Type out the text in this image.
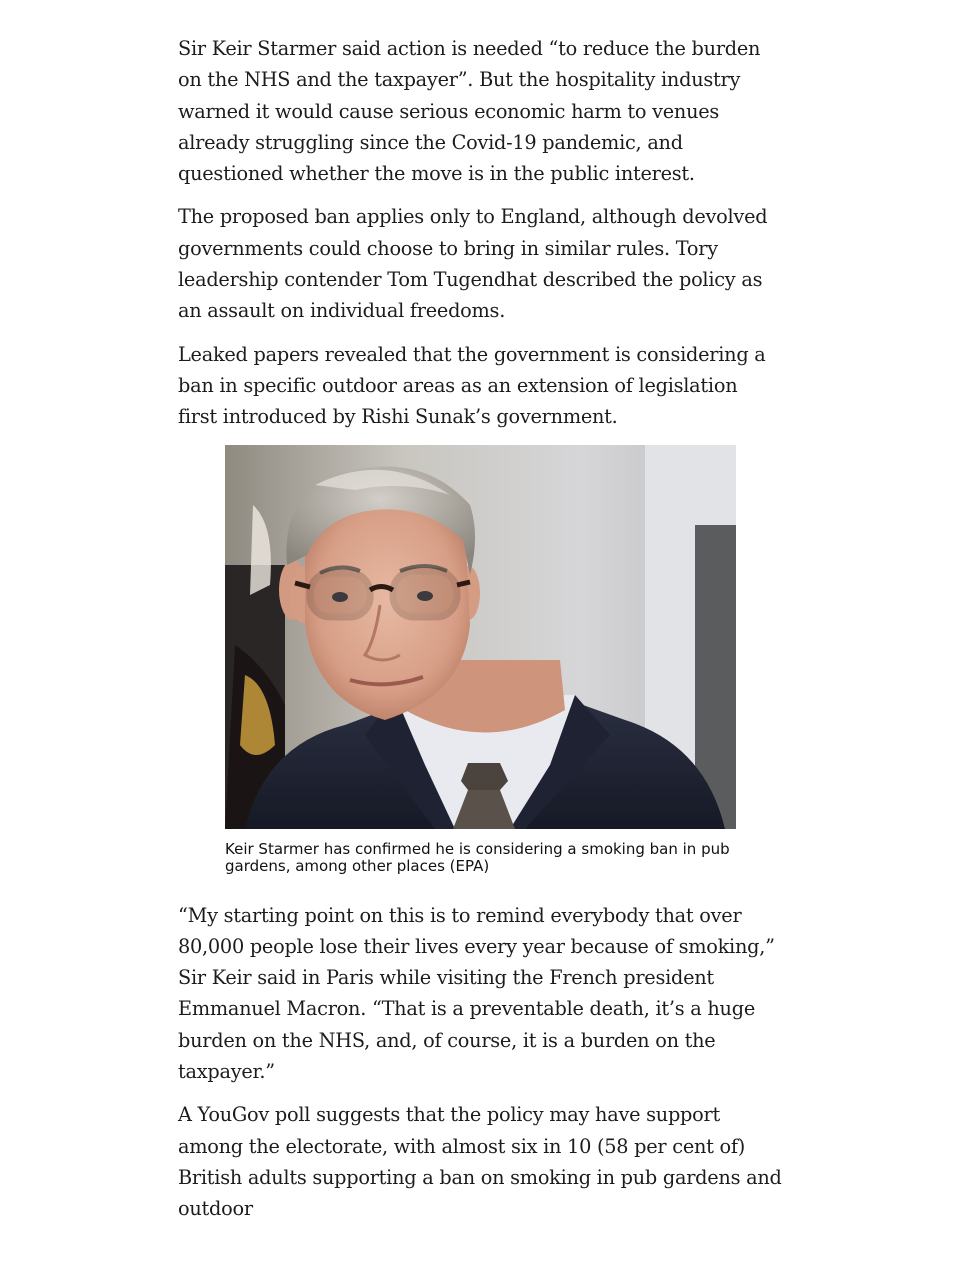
Sir Keir Starmer said action is needed “to reduce the burden on the NHS and the taxpayer”. But the hospitality industry warned it would cause serious economic harm to venues already struggling since the Covid-19 pandemic, and questioned whether the move is in the public interest.

The proposed ban applies only to England, although devolved governments could choose to bring in similar rules. Tory leadership contender Tom Tugendhat described the policy as an assault on individual freedoms.

Leaked papers revealed that the government is considering a ban in specific outdoor areas as an extension of legislation first introduced by Rishi Sunak’s government.

Keir Starmer has confirmed he is considering a smoking ban in pub gardens, among other places (EPA)

“My starting point on this is to remind everybody that over 80,000 people lose their lives every year because of smoking,” Sir Keir said in Paris while visiting the French president Emmanuel Macron. “That is a preventable death, it’s a huge burden on the NHS, and, of course, it is a burden on the taxpayer.”

A YouGov poll suggests that the policy may have support among the electorate, with almost six in 10 (58 per cent of) British adults supporting a ban on smoking in pub gardens and outdoor
